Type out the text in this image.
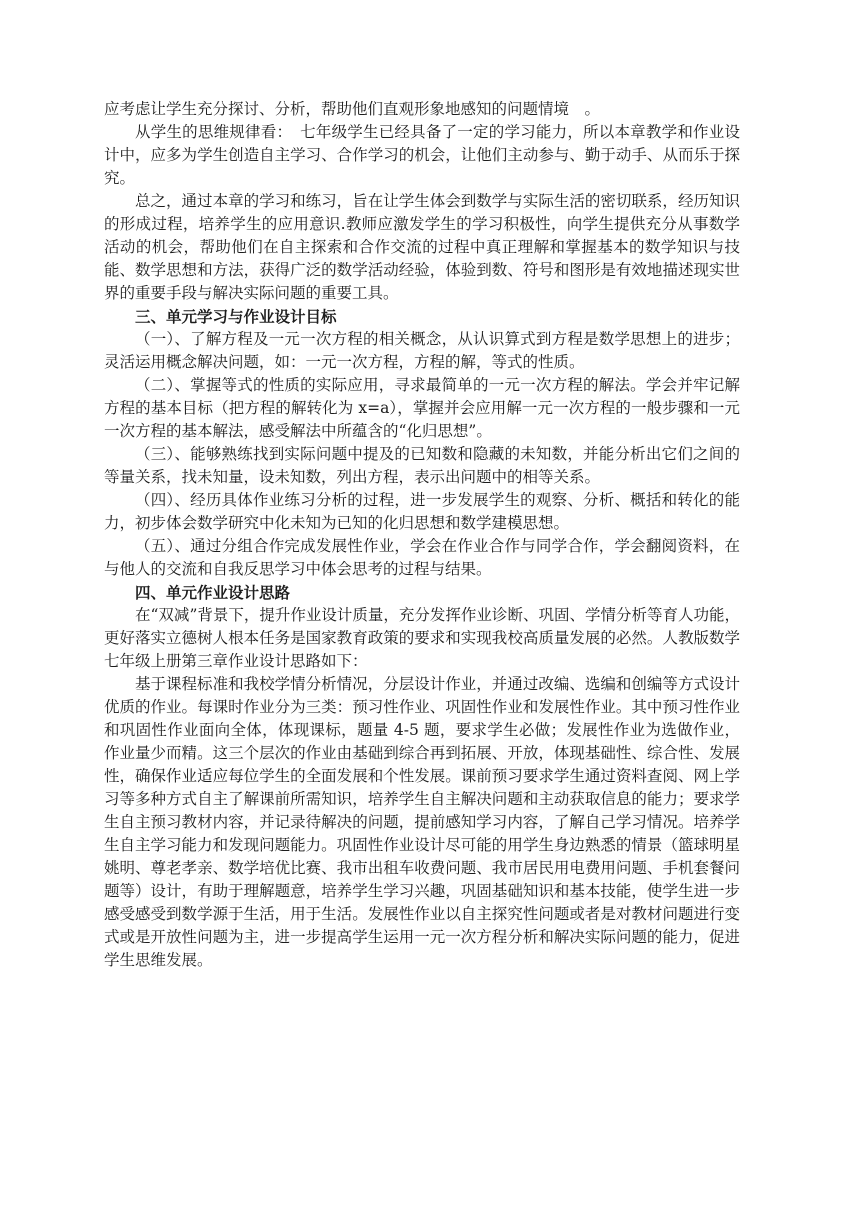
应考虑让学生充分探讨、分析，帮助他们直观形象地感知的问题情境　。

从学生的思维规律看：　七年级学生已经具备了一定的学习能力，所以本章教学和作业设计中，应多为学生创造自主学习、合作学习的机会，让他们主动参与、勤于动手、从而乐于探究。

总之，通过本章的学习和练习，旨在让学生体会到数学与实际生活的密切联系，经历知识的形成过程，培养学生的应用意识.教师应激发学生的学习积极性，向学生提供充分从事数学活动的机会，帮助他们在自主探索和合作交流的过程中真正理解和掌握基本的数学知识与技能、数学思想和方法，获得广泛的数学活动经验，体验到数、符号和图形是有效地描述现实世界的重要手段与解决实际问题的重要工具。

三、单元学习与作业设计目标

（一）、了解方程及一元一次方程的相关概念，从认识算式到方程是数学思想上的进步；灵活运用概念解决问题，如：一元一次方程，方程的解，等式的性质。

（二）、掌握等式的性质的实际应用，寻求最简单的一元一次方程的解法。学会并牢记解方程的基本目标（把方程的解转化为 x=a），掌握并会应用解一元一次方程的一般步骤和一元一次方程的基本解法，感受解法中所蕴含的“化归思想”。

（三）、能够熟练找到实际问题中提及的已知数和隐藏的未知数，并能分析出它们之间的等量关系，找未知量，设未知数，列出方程，表示出问题中的相等关系。

（四）、经历具体作业练习分析的过程，进一步发展学生的观察、分析、概括和转化的能力，初步体会数学研究中化未知为已知的化归思想和数学建模思想。

（五）、通过分组合作完成发展性作业，学会在作业合作与同学合作，学会翻阅资料，在与他人的交流和自我反思学习中体会思考的过程与结果。

四、单元作业设计思路

在“双减”背景下，提升作业设计质量，充分发挥作业诊断、巩固、学情分析等育人功能，更好落实立德树人根本任务是国家教育政策的要求和实现我校高质量发展的必然。人教版数学七年级上册第三章作业设计思路如下：

基于课程标准和我校学情分析情况，分层设计作业，并通过改编、选编和创编等方式设计优质的作业。每课时作业分为三类：预习性作业、巩固性作业和发展性作业。其中预习性作业和巩固性作业面向全体，体现课标，题量 4-5 题，要求学生必做；发展性作业为选做作业，作业量少而精。这三个层次的作业由基础到综合再到拓展、开放，体现基础性、综合性、发展性，确保作业适应每位学生的全面发展和个性发展。课前预习要求学生通过资料查阅、网上学习等多种方式自主了解课前所需知识，培养学生自主解决问题和主动获取信息的能力；要求学生自主预习教材内容，并记录待解决的问题，提前感知学习内容，了解自己学习情况。培养学生自主学习能力和发现问题能力。巩固性作业设计尽可能的用学生身边熟悉的情景（篮球明星姚明、尊老孝亲、数学培优比赛、我市出租车收费问题、我市居民用电费用问题、手机套餐问题等）设计，有助于理解题意，培养学生学习兴趣，巩固基础知识和基本技能，使学生进一步感受感受到数学源于生活，用于生活。发展性作业以自主探究性问题或者是对教材问题进行变式或是开放性问题为主，进一步提高学生运用一元一次方程分析和解决实际问题的能力，促进学生思维发展。
